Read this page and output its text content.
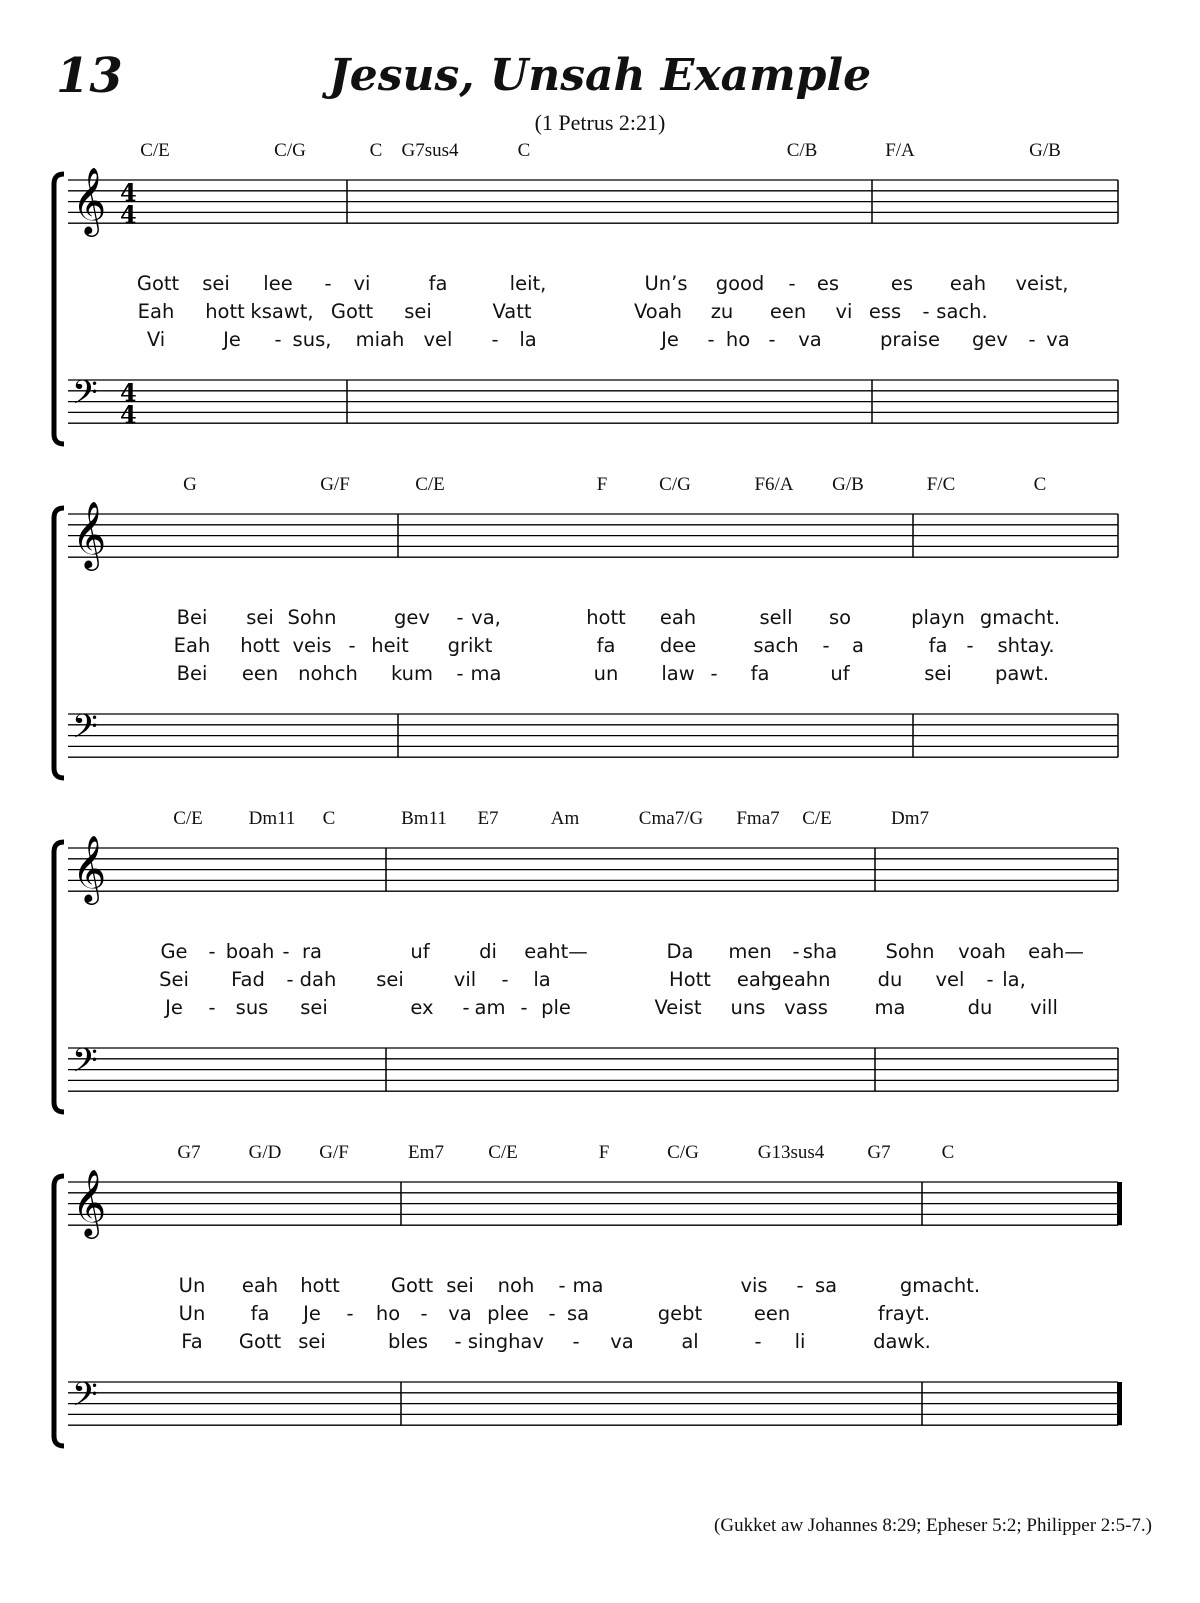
13	Jesus, Unsah Example
(1 Petrus 2:21)
𝄞 4
4
𝄢 4
4
C/E	C/G	C G7sus4	C	C/B	F/A	G/B
Gott sei lee - vi	fa	leit,	Un’s good - es	es eah veist,
Eah hott ksawt, Gott sei	Vatt	Voah zu een vi ess - sach.
Vi	Je - sus, miah vel - la	Je - ho - va	praise gev - va
𝄞
𝄢
G	G/F	C/E	F	C/G	F6/A G/B	F/C	C
Bei sei Sohn	gev - va,	hott eah	sell so	playn gmacht.
Eah hott veis - heit grikt	fa dee	sach - a	fa - shtay.
Bei een nohch kum - ma	un law - fa	uf	sei pawt.
𝄞
𝄢
C/E Dm11 C	Bm11 E7	Am	Cma7/G Fma7 C/E	Dm7
Ge - boah - ra	uf	di eaht—	Da men - sha Sohn voah eah—
Sei Fad - dah sei	vil - la	Hott eah
geahn du vel - la,
Je - sus sei	ex - am - ple	Veist uns vass ma	du vill
𝄞
𝄢
G7	G/D G/F	Em7 C/E	F	C/G	G13sus4 G7	C
Un eah hott	Gott sei noh - ma	vis - sa	gmacht.
Un fa Je - ho - va plee - sa	gebt	een	frayt.
Fa Gott sei	bles - sing hav - va al	- li	dawk.
(Gukket aw Johannes 8:29; Epheser 5:2; Philipper 2:5-7.)
